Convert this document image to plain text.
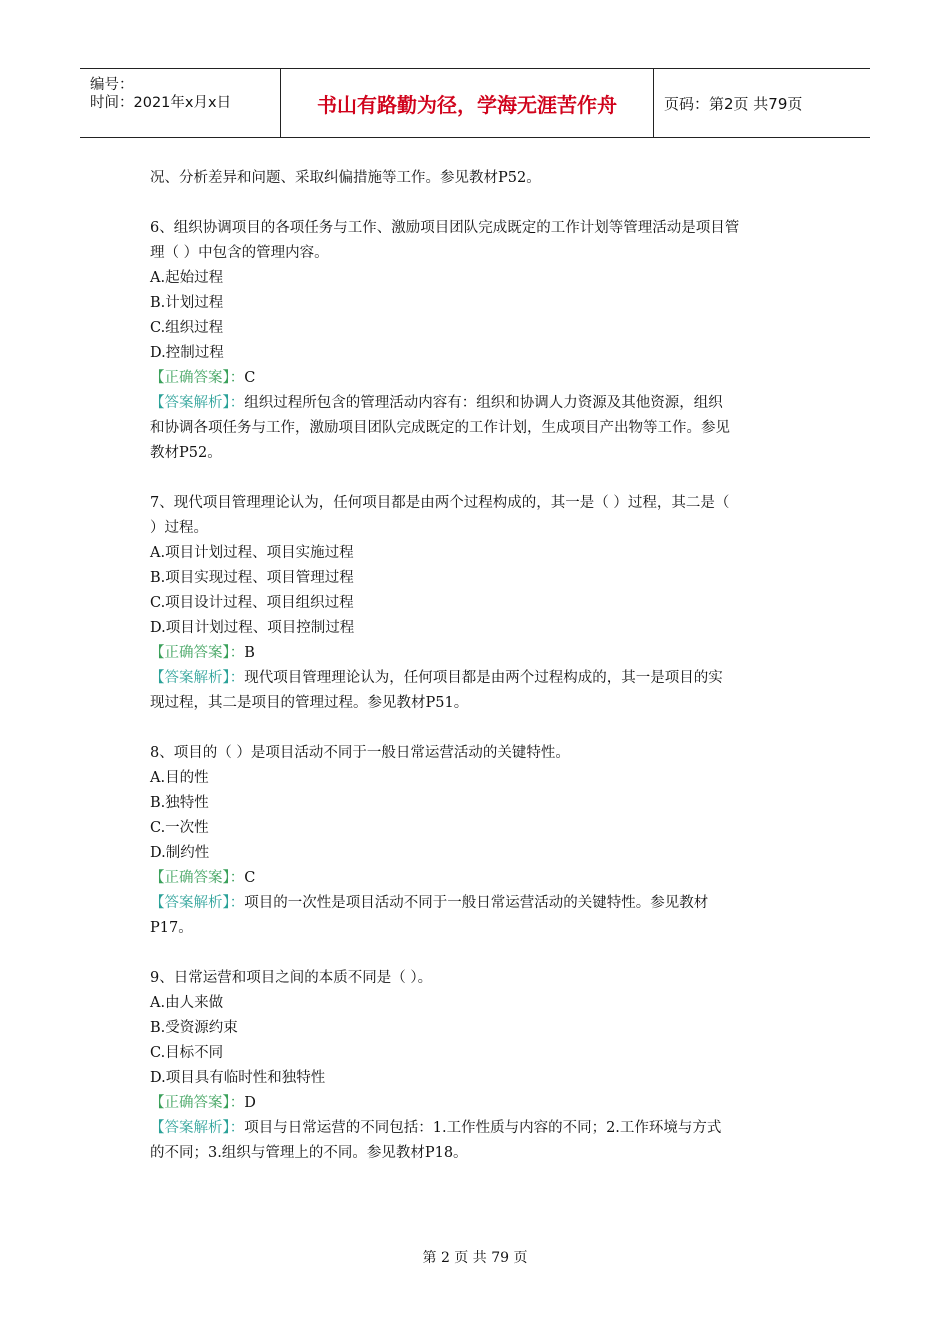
编号：
时间：2021年x月x日	书山有路勤为径，学海无涯苦作舟	页码：第2页 共79页

况、分析差异和问题、采取纠偏措施等工作。参见教材P52。

6、组织协调项目的各项任务与工作、激励项目团队完成既定的工作计划等管理活动是项目管

理（ ）中包含的管理内容。

A.起始过程

B.计划过程

C.组织过程

D.控制过程

【正确答案】：C

【答案解析】：组织过程所包含的管理活动内容有：组织和协调人力资源及其他资源，组织

和协调各项任务与工作，激励项目团队完成既定的工作计划，生成项目产出物等工作。参见

教材P52。

7、现代项目管理理论认为，任何项目都是由两个过程构成的，其一是（ ）过程，其二是（

）过程。

A.项目计划过程、项目实施过程

B.项目实现过程、项目管理过程

C.项目设计过程、项目组织过程

D.项目计划过程、项目控制过程

【正确答案】：B

【答案解析】：现代项目管理理论认为，任何项目都是由两个过程构成的，其一是项目的实

现过程，其二是项目的管理过程。参见教材P51。

8、项目的（ ）是项目活动不同于一般日常运营活动的关键特性。

A.目的性

B.独特性

C.一次性

D.制约性

【正确答案】：C

【答案解析】：项目的一次性是项目活动不同于一般日常运营活动的关键特性。参见教材

P17。

9、日常运营和项目之间的本质不同是（ ）。

A.由人来做

B.受资源约束

C.目标不同

D.项目具有临时性和独特性

【正确答案】：D

【答案解析】：项目与日常运营的不同包括：1.工作性质与内容的不同；2.工作环境与方式

的不同；3.组织与管理上的不同。参见教材P18。

第 2 页 共 79 页
